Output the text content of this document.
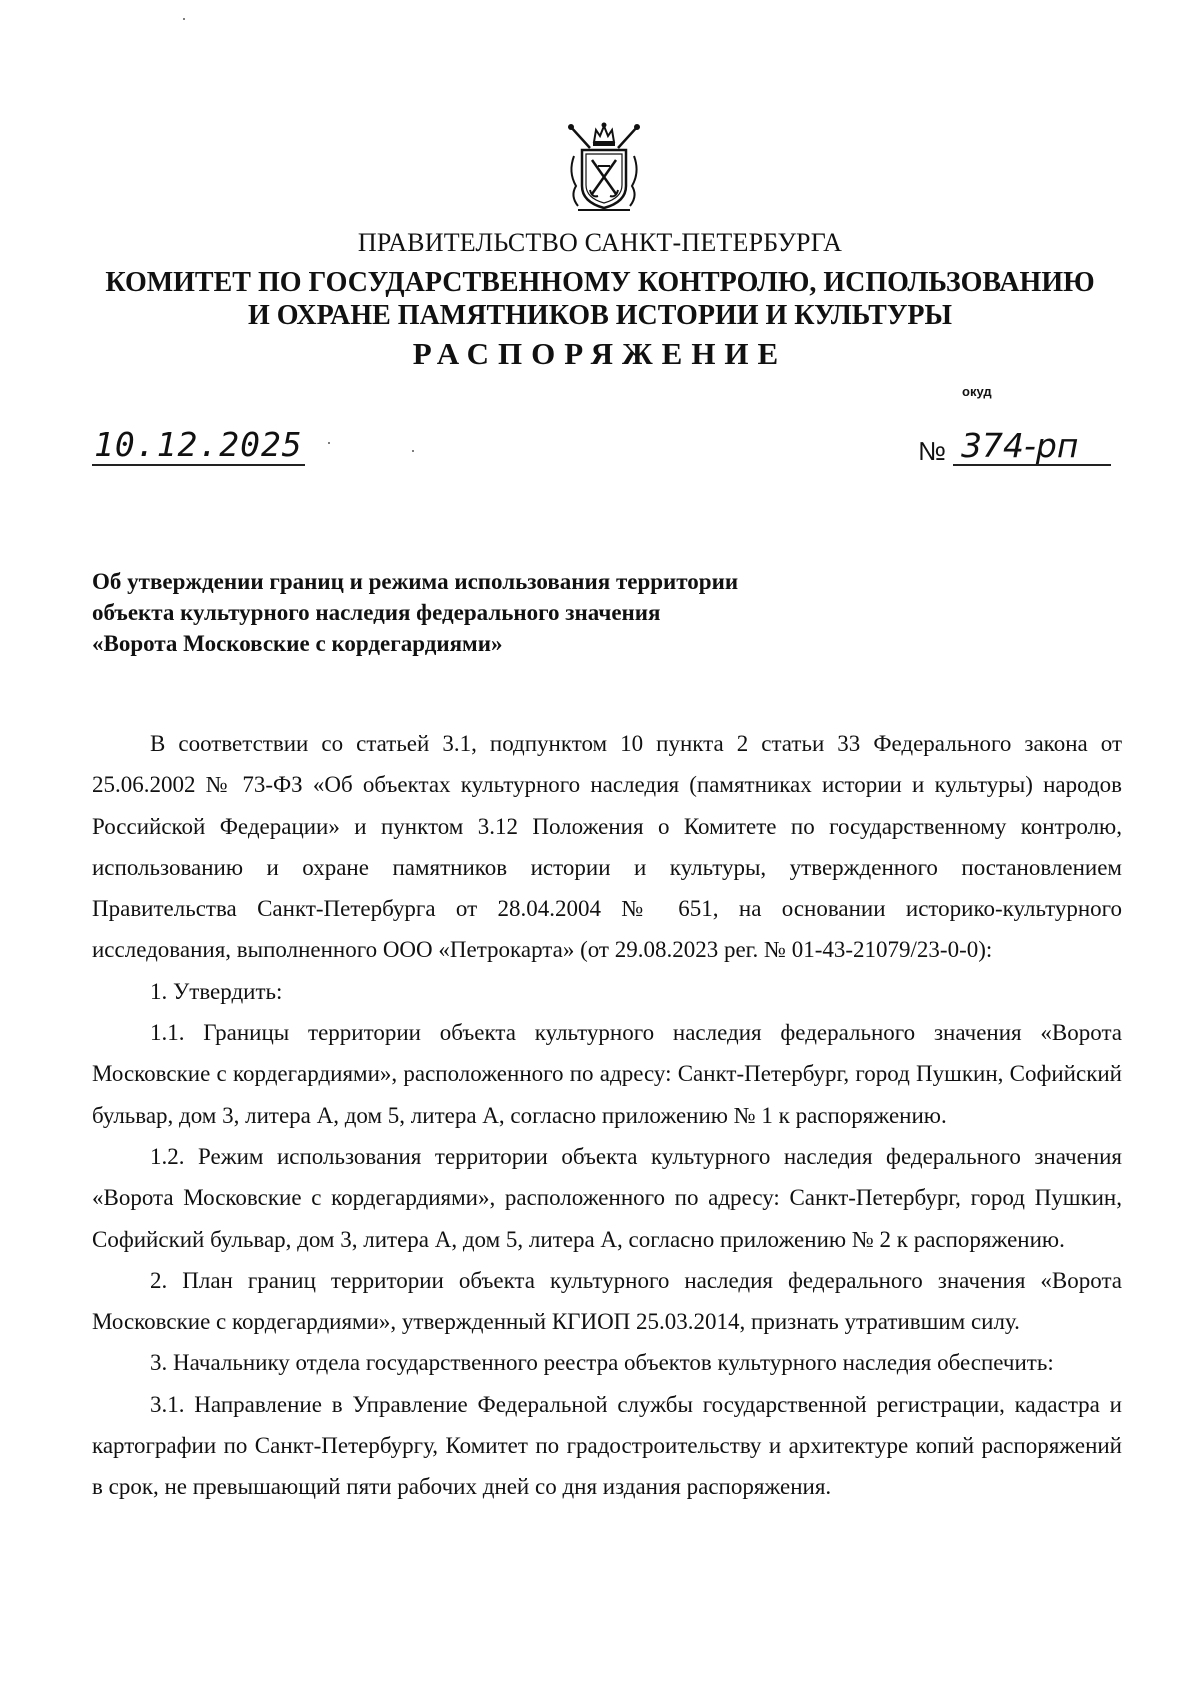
ПРАВИТЕЛЬСТВО САНКТ-ПЕТЕРБУРГА
КОМИТЕТ ПО ГОСУДАРСТВЕННОМУ КОНТРОЛЮ, ИСПОЛЬЗОВАНИЮ
И ОХРАНЕ ПАМЯТНИКОВ ИСТОРИИ И КУЛЬТУРЫ
РАСПОРЯЖЕНИЕ
окуд
10.12.2025	№ 374-рп
Об утверждении границ и режима использования территории
объекта культурного наследия федерального значения
«Ворота Московские с кордегардиями»

В соответствии со статьей 3.1, подпунктом 10 пункта 2 статьи 33 Федерального закона от 25.06.2002 № 73-ФЗ «Об объектах культурного наследия (памятниках истории и культуры) народов Российской Федерации» и пунктом 3.12 Положения о Комитете по государственному контролю, использованию и охране памятников истории и культуры, утвержденного постановлением Правительства Санкт-Петербурга от 28.04.2004 № 651, на основании историко-культурного исследования, выполненного ООО «Петрокарта» (от 29.08.2023 рег. № 01-43-21079/23-0-0):

1. Утвердить:

1.1. Границы территории объекта культурного наследия федерального значения «Ворота Московские с кордегардиями», расположенного по адресу: Санкт-Петербург, город Пушкин, Софийский бульвар, дом 3, литера А, дом 5, литера А, согласно приложению № 1 к распоряжению.

1.2. Режим использования территории объекта культурного наследия федерального значения «Ворота Московские с кордегардиями», расположенного по адресу: Санкт-Петербург, город Пушкин, Софийский бульвар, дом 3, литера А, дом 5, литера А, согласно приложению № 2 к распоряжению.

2. План границ территории объекта культурного наследия федерального значения «Ворота Московские с кордегардиями», утвержденный КГИОП 25.03.2014, признать утратившим силу.

3. Начальнику отдела государственного реестра объектов культурного наследия обеспечить:

3.1. Направление в Управление Федеральной службы государственной регистрации, кадастра и картографии по Санкт-Петербургу, Комитет по градостроительству и архитектуре копий распоряжений в срок, не превышающий пяти рабочих дней со дня издания распоряжения.
